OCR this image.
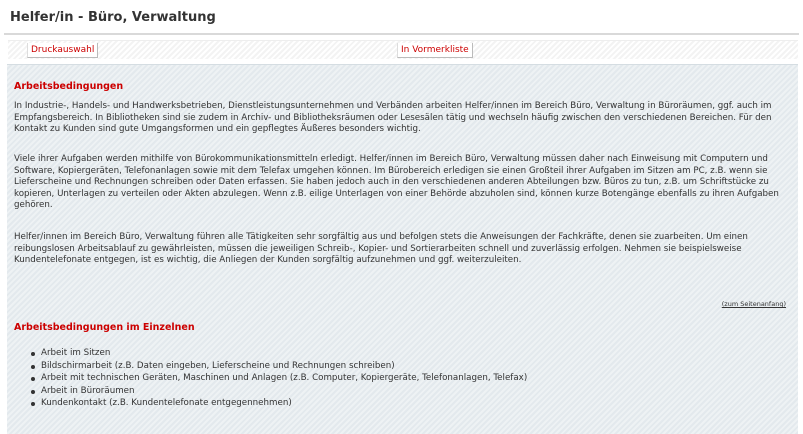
Helfer/in - Büro, Verwaltung
Druckauswahl	In Vormerkliste
Arbeitsbedingungen

In Industrie-, Handels- und Handwerksbetrieben, Dienstleistungsunternehmen und Verbänden arbeiten Helfer/innen im Bereich Büro, Verwaltung in Büroräumen, ggf. auch im Empfangsbereich. In Bibliotheken sind sie zudem in Archiv- und Bibliotheksräumen oder Lesesälen tätig und wechseln häufig zwischen den verschiedenen Bereichen. Für den Kontakt zu Kunden sind gute Umgangsformen und ein gepflegtes Äußeres besonders wichtig.

Viele ihrer Aufgaben werden mithilfe von Bürokommunikationsmitteln erledigt. Helfer/innen im Bereich Büro, Verwaltung müssen daher nach Einweisung mit Computern und Software, Kopiergeräten, Telefonanlagen sowie mit dem Telefax umgehen können. Im Bürobereich erledigen sie einen Großteil ihrer Aufgaben im Sitzen am PC, z.B. wenn sie Lieferscheine und Rechnungen schreiben oder Daten erfassen. Sie haben jedoch auch in den verschiedenen anderen Abteilungen bzw. Büros zu tun, z.B. um Schriftstücke zu kopieren, Unterlagen zu verteilen oder Akten abzulegen. Wenn z.B. eilige Unterlagen von einer Behörde abzuholen sind, können kurze Botengänge ebenfalls zu ihren Aufgaben gehören.

Helfer/innen im Bereich Büro, Verwaltung führen alle Tätigkeiten sehr sorgfältig aus und befolgen stets die Anweisungen der Fachkräfte, denen sie zuarbeiten. Um einen reibungslosen Arbeitsablauf zu gewährleisten, müssen die jeweiligen Schreib-, Kopier- und Sortierarbeiten schnell und zuverlässig erfolgen. Nehmen sie beispielsweise Kundentelefonate entgegen, ist es wichtig, die Anliegen der Kunden sorgfältig aufzunehmen und ggf. weiterzuleiten.

(zum Seitenanfang)
Arbeitsbedingungen im Einzelnen
Arbeit im Sitzen
Bildschirmarbeit (z.B. Daten eingeben, Lieferscheine und Rechnungen schreiben)
Arbeit mit technischen Geräten, Maschinen und Anlagen (z.B. Computer, Kopiergeräte, Telefonanlagen, Telefax)
Arbeit in Büroräumen
Kundenkontakt (z.B. Kundentelefonate entgegennehmen)
